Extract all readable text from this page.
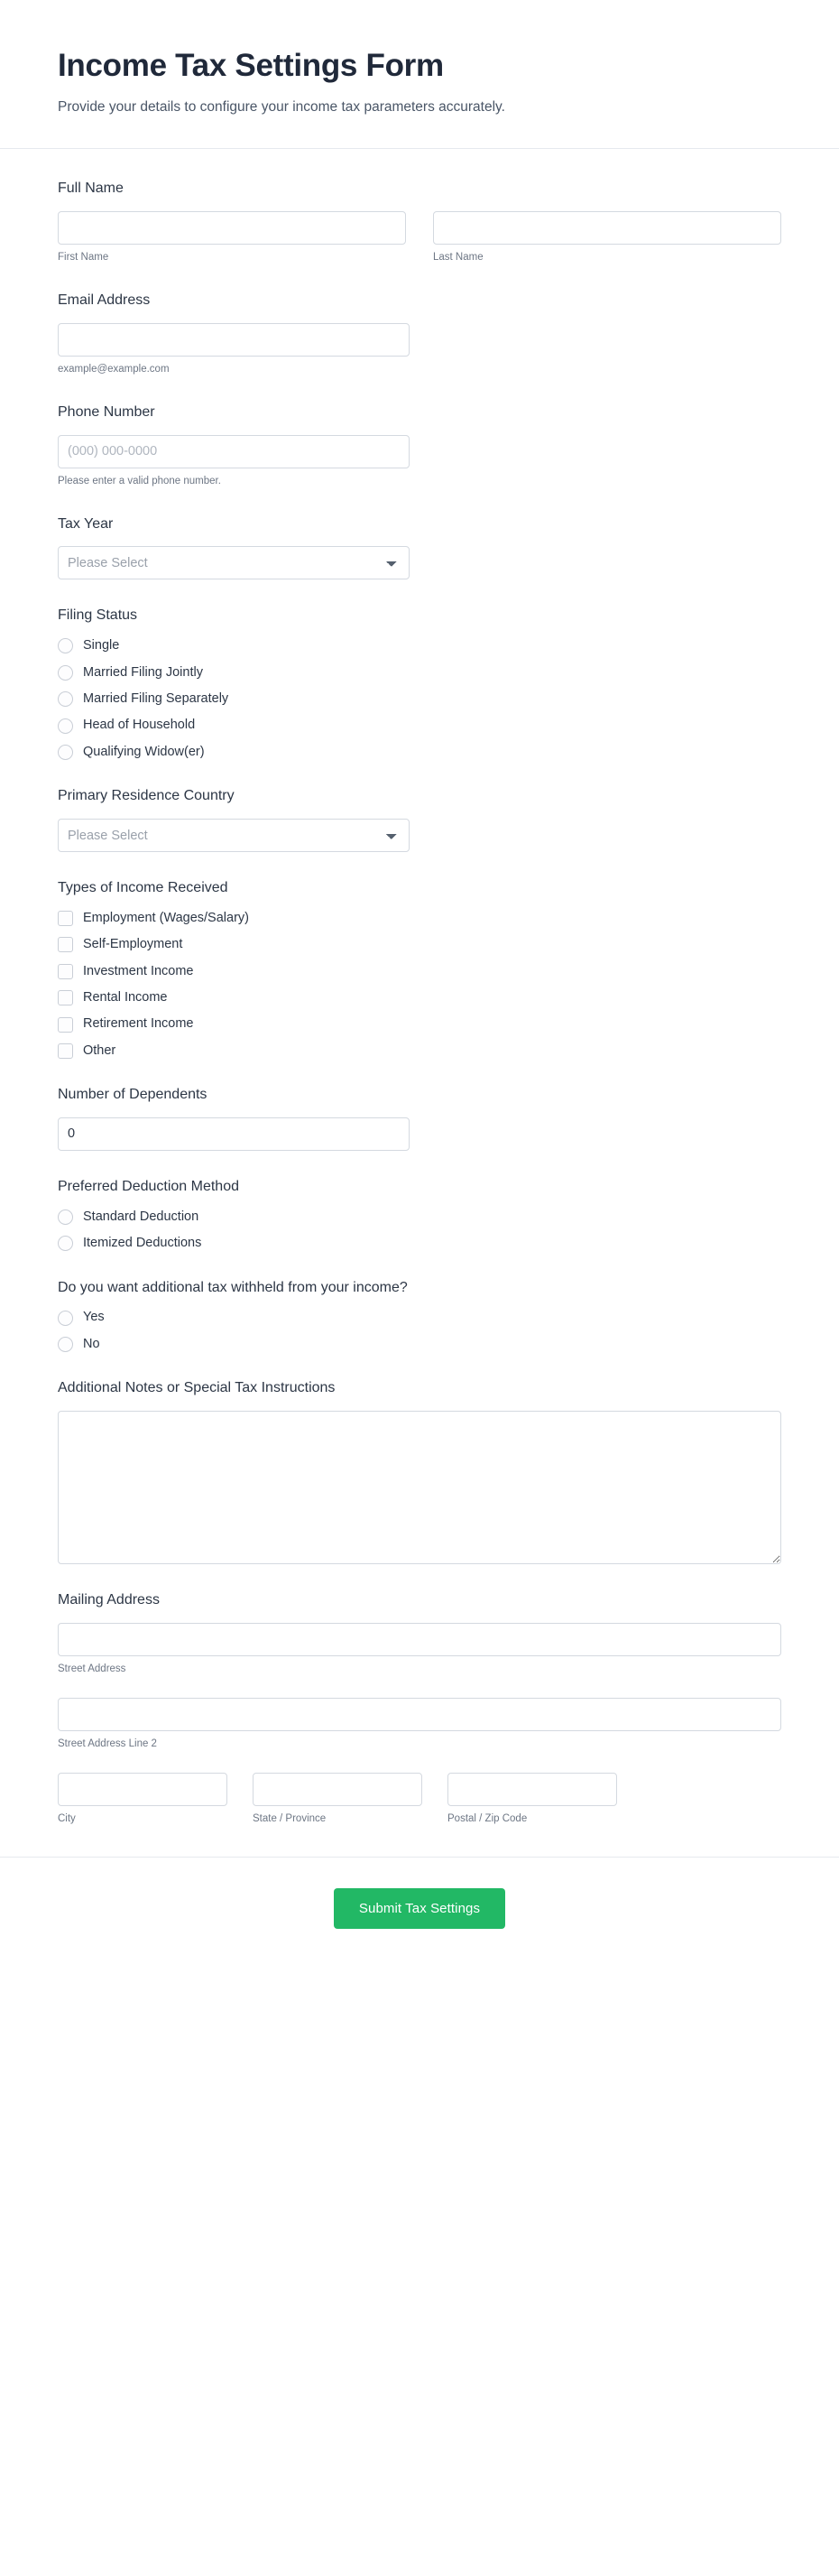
Income Tax Settings Form

Provide your details to configure your income tax parameters accurately.

Full Name
First Name	Last Name
Email Address
example@example.com
Phone Number
(000) 000-0000
Please enter a valid phone number.
Tax Year
Please Select
Filing Status
Single
Married Filing Jointly
Married Filing Separately
Head of Household
Qualifying Widow(er)
Primary Residence Country
Please Select
Types of Income Received
Employment (Wages/Salary)
Self-Employment
Investment Income
Rental Income
Retirement Income
Other
Number of Dependents
0
Preferred Deduction Method
Standard Deduction
Itemized Deductions
Do you want additional tax withheld from your income?
Yes
No
Additional Notes or Special Tax Instructions
Mailing Address
Street Address
Street Address Line 2
City	State / Province	Postal / Zip Code
Submit Tax Settings
